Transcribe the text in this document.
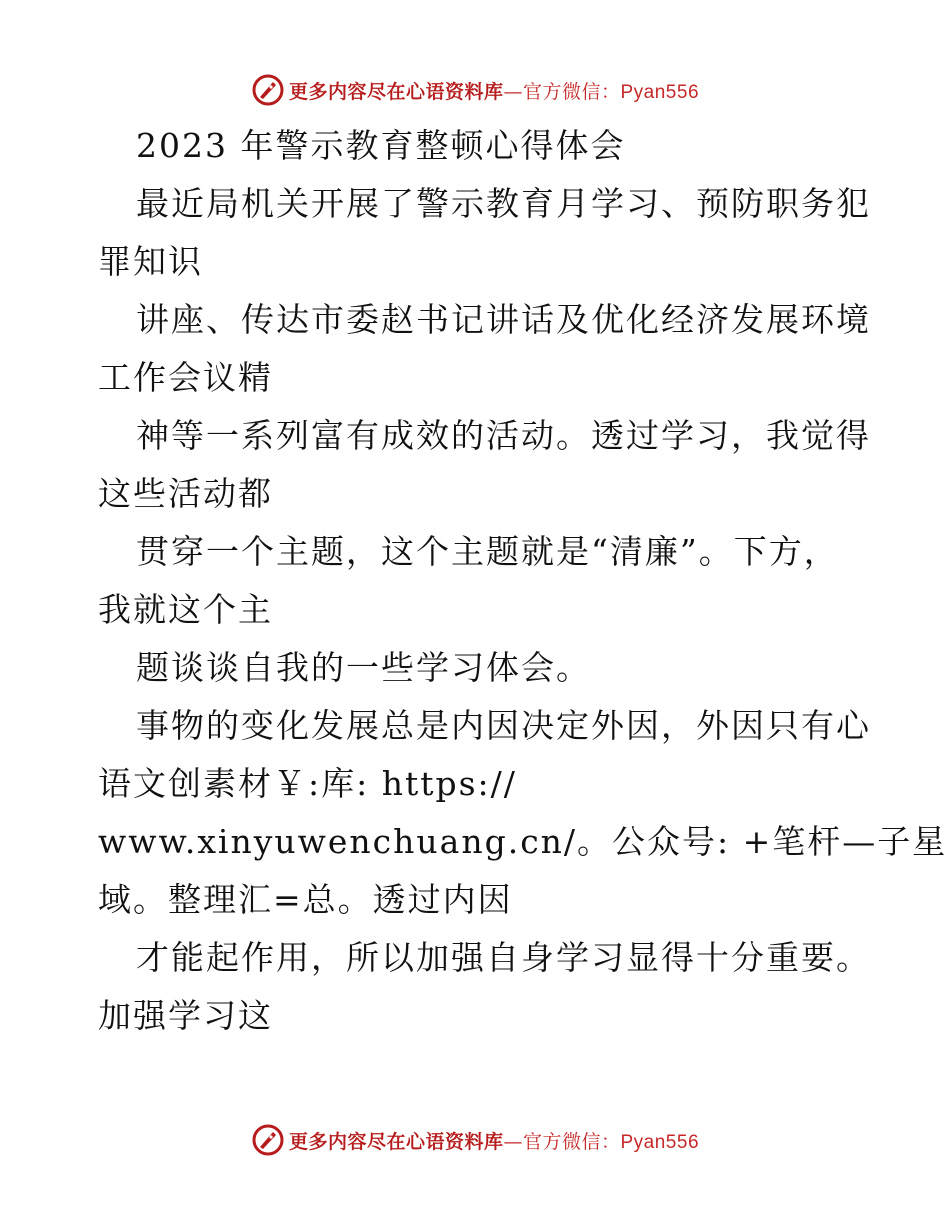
更多内容尽在心语资料库—官方微信：Pyan556
2023 年警示教育整顿心得体会
最近局机关开展了警示教育月学习、预防职务犯
罪知识
讲座、传达市委赵书记讲话及优化经济发展环境
工作会议精
神等一系列富有成效的活动。透过学习，我觉得
这些活动都
贯穿一个主题，这个主题就是“清廉”。下方，
我就这个主
题谈谈自我的一些学习体会。
事物的变化发展总是内因决定外因，外因只有心
语文创素材￥:库: https://
www.xinyuwenchuang.cn/。公众号: +笔杆—子星
域。整理汇=总。透过内因
才能起作用，所以加强自身学习显得十分重要。
加强学习这
更多内容尽在心语资料库—官方微信：Pyan556
